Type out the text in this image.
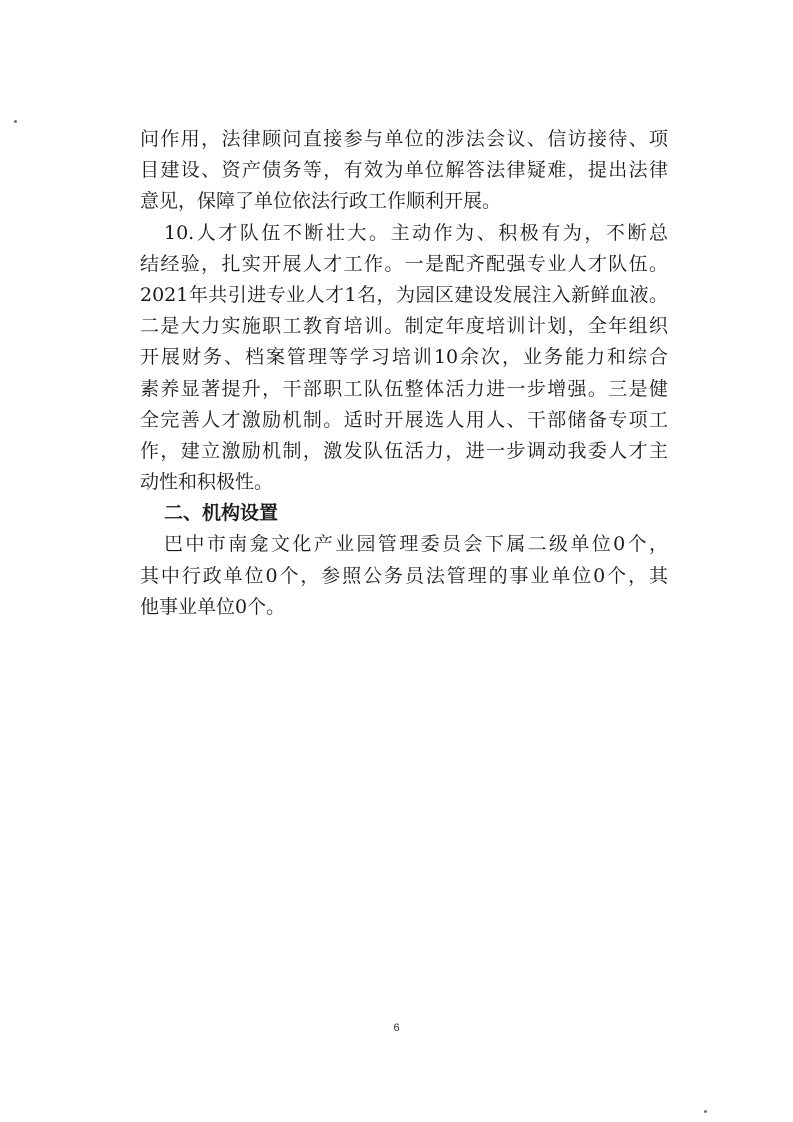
问作用，法律顾问直接参与单位的涉法会议、信访接待、项
目建设、资产债务等，有效为单位解答法律疑难，提出法律
意见，保障了单位依法行政工作顺利开展。
10.人才队伍不断壮大。主动作为、积极有为，不断总
结经验，扎实开展人才工作。一是配齐配强专业人才队伍。
2021年共引进专业人才1名，为园区建设发展注入新鲜血液。
二是大力实施职工教育培训。制定年度培训计划，全年组织
开展财务、档案管理等学习培训10余次，业务能力和综合
素养显著提升，干部职工队伍整体活力进一步增强。三是健
全完善人才激励机制。适时开展选人用人、干部储备专项工
作，建立激励机制，激发队伍活力，进一步调动我委人才主
动性和积极性。
二、机构设置
巴中市南龛文化产业园管理委员会下属二级单位0个，
其中行政单位0个，参照公务员法管理的事业单位0个，其
他事业单位0个。
6
